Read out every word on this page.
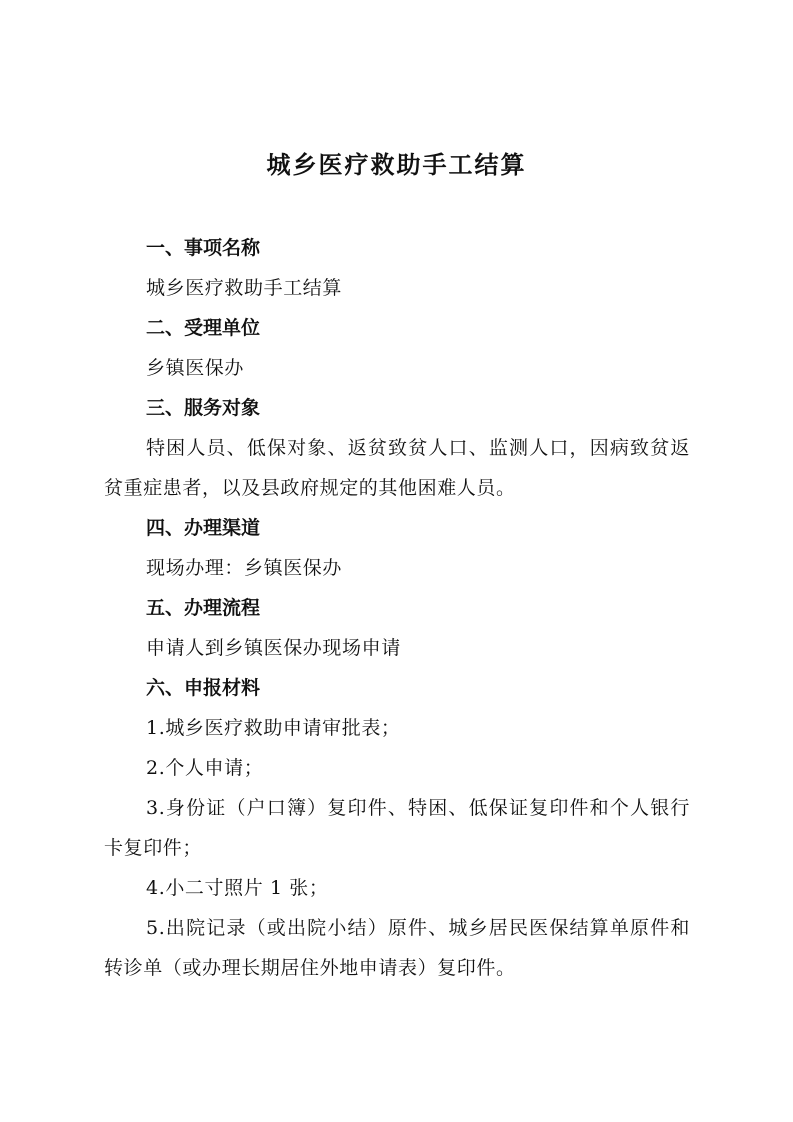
城乡医疗救助手工结算

一、事项名称

城乡医疗救助手工结算

二、受理单位

乡镇医保办

三、服务对象

特困人员、低保对象、返贫致贫人口、监测人口，因病致贫返贫重症患者，以及县政府规定的其他困难人员。

四、办理渠道

现场办理：乡镇医保办

五、办理流程

申请人到乡镇医保办现场申请

六、申报材料

1.城乡医疗救助申请审批表；

2.个人申请；

3.身份证（户口簿）复印件、特困、低保证复印件和个人银行卡复印件；

4.小二寸照片 1 张；

5.出院记录（或出院小结）原件、城乡居民医保结算单原件和转诊单（或办理长期居住外地申请表）复印件。
